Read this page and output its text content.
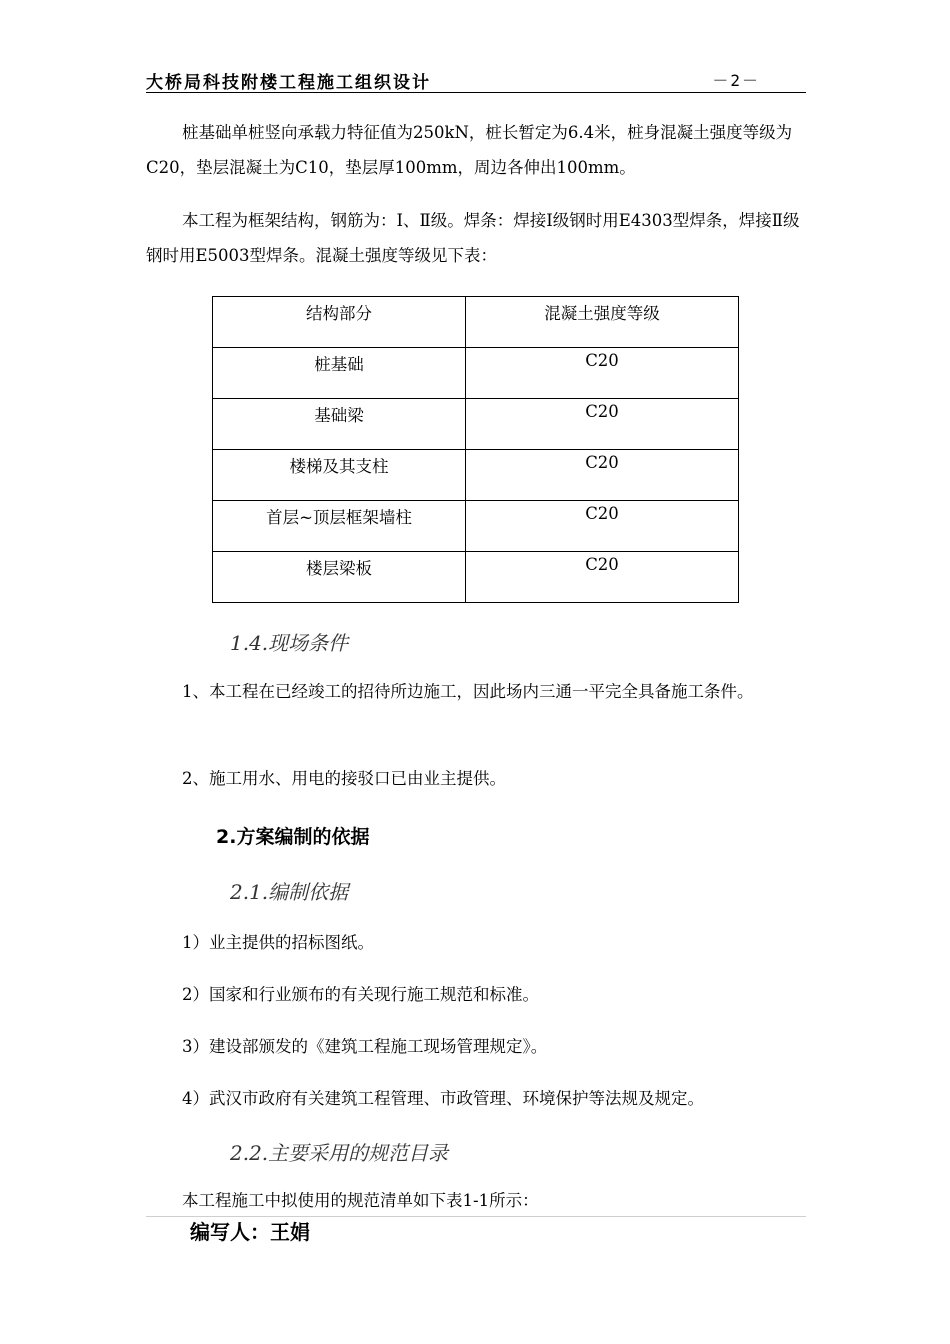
大桥局科技附楼工程施工组织设计	－2－

桩基础单桩竖向承载力特征值为250kN，桩长暂定为6.4米，桩身混凝土强度等级为C20，垫层混凝土为C10，垫层厚100mm，周边各伸出100mm。

本工程为框架结构，钢筋为：Ⅰ、Ⅱ级。焊条：焊接Ⅰ级钢时用E4303型焊条，焊接Ⅱ级钢时用E5003型焊条。混凝土强度等级见下表：

结构部分	混凝土强度等级
桩基础	C20
基础梁	C20
楼梯及其支柱	C20
首层~顶层框架墙柱	C20
楼层梁板	C20

1.4.现场条件

1、本工程在已经竣工的招待所边施工，因此场内三通一平完全具备施工条件。

2、施工用水、用电的接驳口已由业主提供。

2.方案编制的依据

2.1.编制依据

1）业主提供的招标图纸。

2）国家和行业颁布的有关现行施工规范和标准。

3）建设部颁发的《建筑工程施工现场管理规定》。

4）武汉市政府有关建筑工程管理、市政管理、环境保护等法规及规定。

2.2.主要采用的规范目录

本工程施工中拟使用的规范清单如下表1-1所示：

编写人：王娟
